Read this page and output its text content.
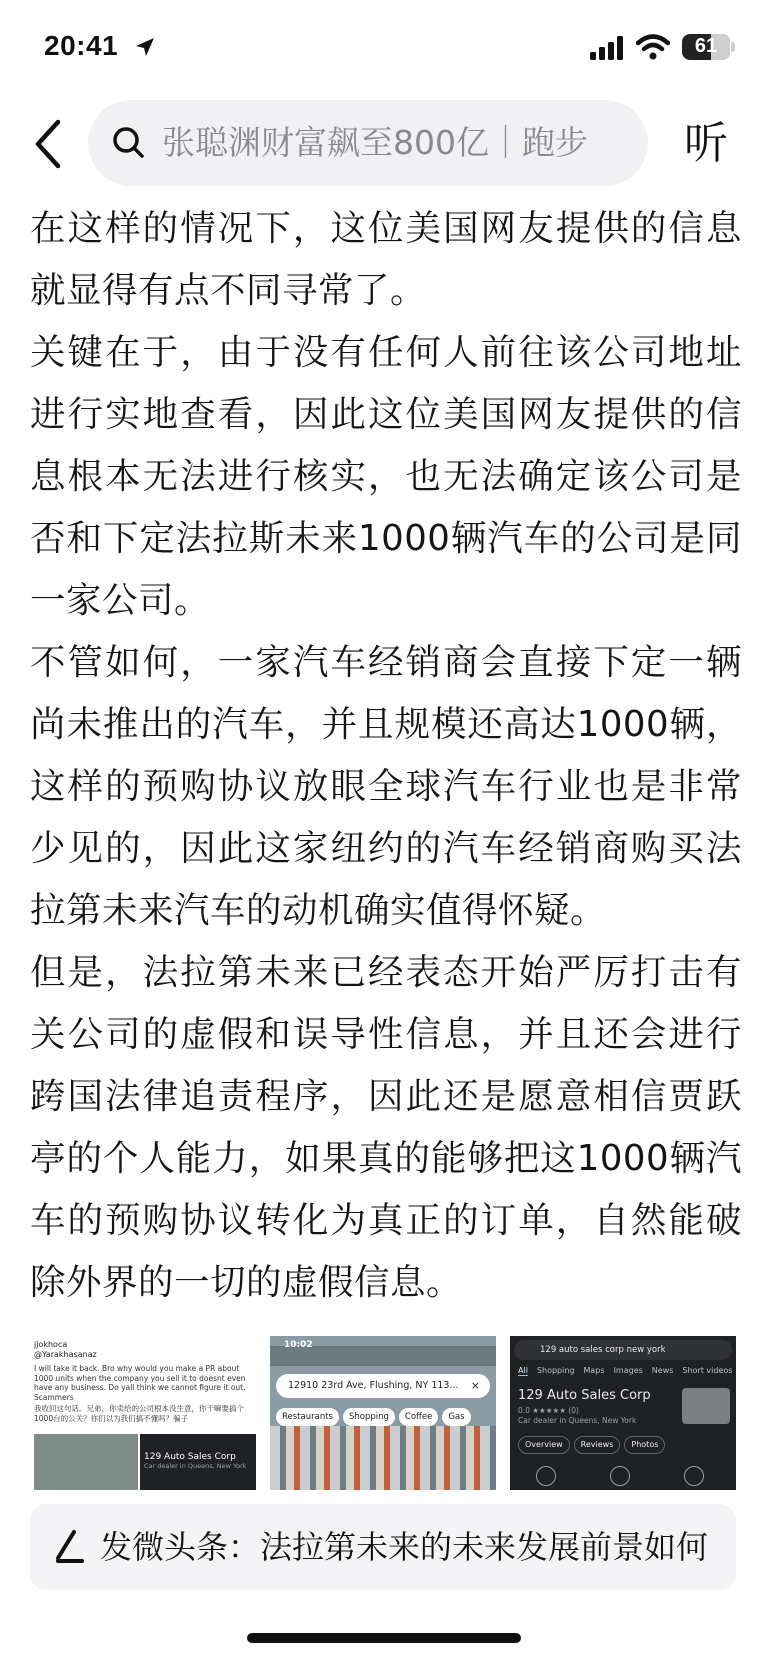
20:41	61
张聪渊财富飙至800亿｜跑步	听

在这样的情况下，这位美国网友提供的信息就显得有点不同寻常了。

关键在于，由于没有任何人前往该公司地址进行实地查看，因此这位美国网友提供的信息根本无法进行核实，也无法确定该公司是否和下定法拉斯未来1000辆汽车的公司是同一家公司。

不管如何，一家汽车经销商会直接下定一辆尚未推出的汽车，并且规模还高达1000辆，这样的预购协议放眼全球汽车行业也是非常少见的，因此这家纽约的汽车经销商购买法拉第未来汽车的动机确实值得怀疑。

但是，法拉第未来已经表态开始严厉打击有关公司的虚假和误导性信息，并且还会进行跨国法律追责程序，因此还是愿意相信贾跃亭的个人能力，如果真的能够把这1000辆汽车的预购协议转化为真正的订单，自然能破除外界的一切的虚假信息。

jjokhoca
@Yarakhasanaz
I will take it back. Bro why would you make a PR about 1000 units when the company you sell it to doesnt even have any business. Do yall think we cannot figure it out. Scammers
我收回这句话。兄弟，你卖给的公司根本没生意，你干嘛要搞个1000台的公关？你们以为我们搞不懂吗？骗子
129 Auto Sales Corp
Car dealer in Queens, New York
10:02
12910 23rd Ave, Flushing, NY 113... ×
Restaurants Shopping Coffee Gas
129 auto sales corp new york
All Shopping Maps Images News Short videos
129 Auto Sales Corp
0.0 ★★★★★ (0)
Car dealer in Queens, New York
Overview Reviews Photos
发微头条：法拉第未来的未来发展前景如何
